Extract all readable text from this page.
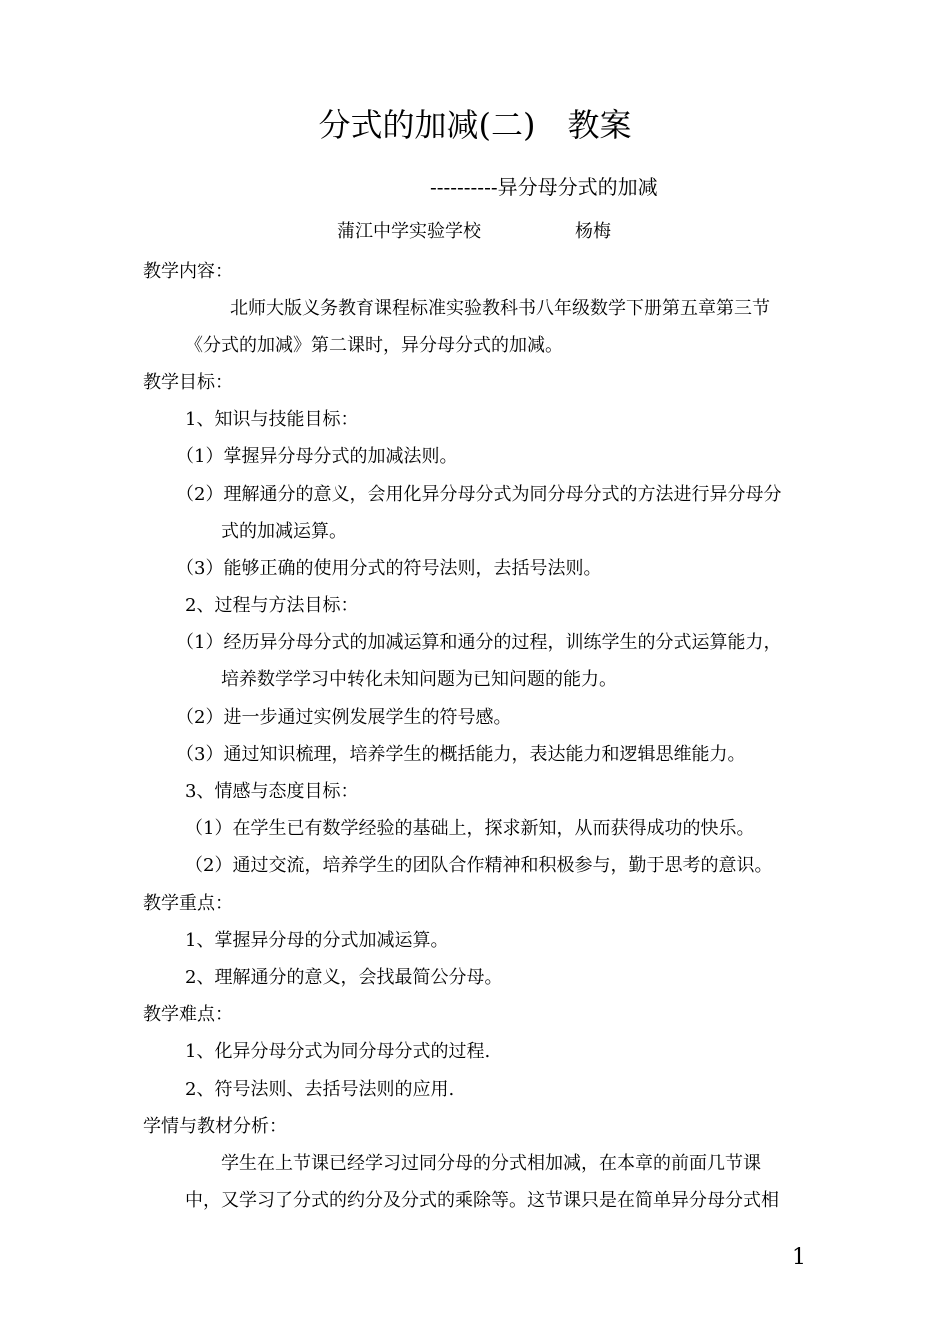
分式的加减(二)　教案
----------异分母分式的加减
蒲江中学实验学校	杨梅
教学内容：
北师大版义务教育课程标准实验教科书八年级数学下册第五章第三节
《分式的加减》第二课时，异分母分式的加减。
教学目标：
1、知识与技能目标：
（1）掌握异分母分式的加减法则。
（2）理解通分的意义，会用化异分母分式为同分母分式的方法进行异分母分
式的加减运算。
（3）能够正确的使用分式的符号法则，去括号法则。
2、过程与方法目标：
（1）经历异分母分式的加减运算和通分的过程，训练学生的分式运算能力，
培养数学学习中转化未知问题为已知问题的能力。
（2）进一步通过实例发展学生的符号感。
（3）通过知识梳理，培养学生的概括能力，表达能力和逻辑思维能力。
3、情感与态度目标：
（1）在学生已有数学经验的基础上，探求新知，从而获得成功的快乐。
（2）通过交流，培养学生的团队合作精神和积极参与，勤于思考的意识。
教学重点：
1、掌握异分母的分式加减运算。
2、理解通分的意义，会找最简公分母。
教学难点：
1、化异分母分式为同分母分式的过程.
2、符号法则、去括号法则的应用.
学情与教材分析：
学生在上节课已经学习过同分母的分式相加减，在本章的前面几节课
中，又学习了分式的约分及分式的乘除等。这节课只是在简单异分母分式相
1
